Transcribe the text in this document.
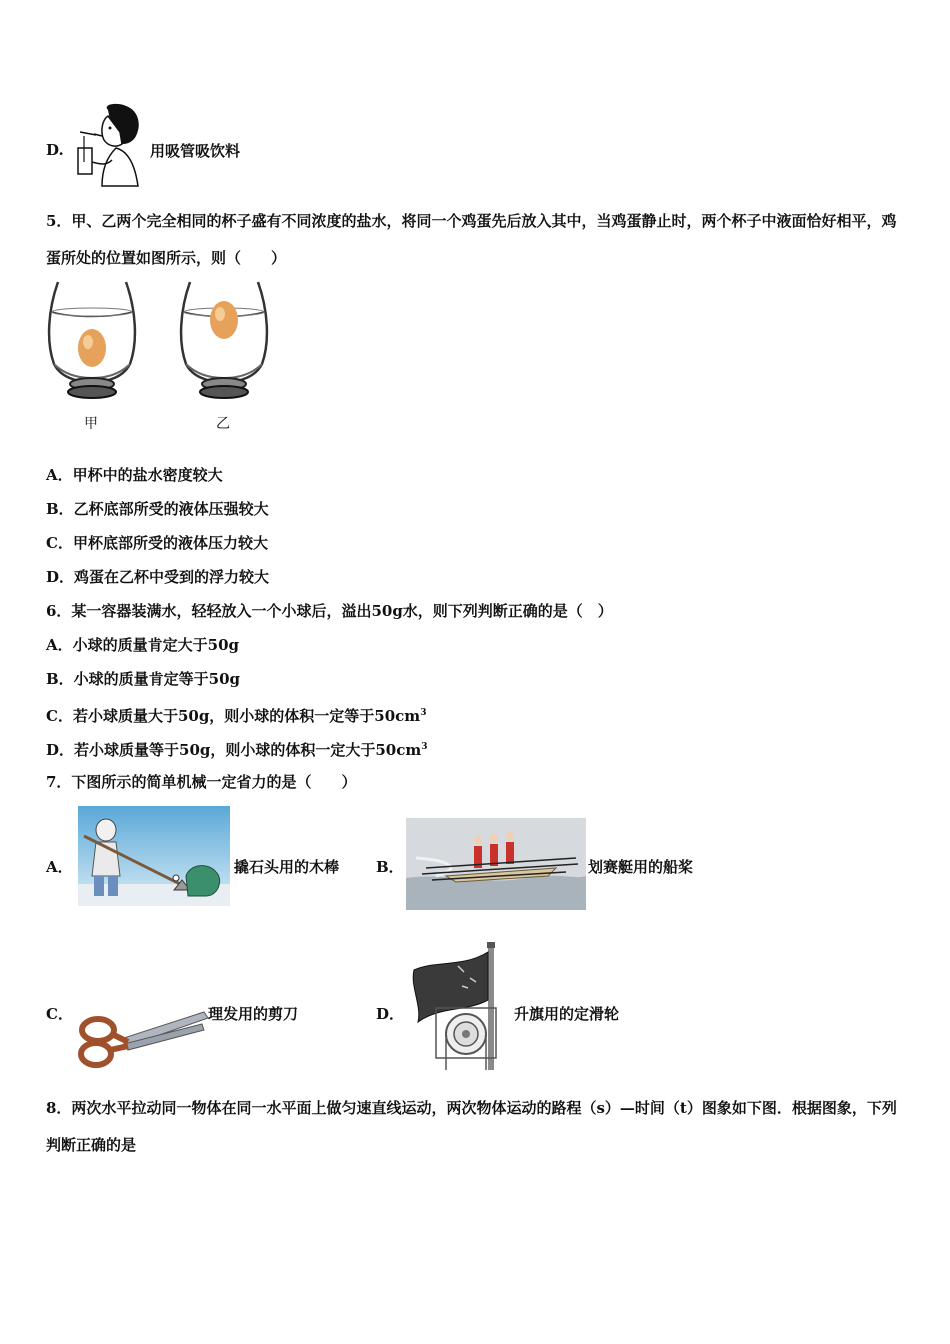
D.	用吸管吸饮料
5．甲、乙两个完全相同的杯子盛有不同浓度的盐水，将同一个鸡蛋先后放入其中，当鸡蛋静止时，两个杯子中液面恰好相平，鸡蛋所处的位置如图所示，则（　　）
甲	乙
A．甲杯中的盐水密度较大
B．乙杯底部所受的液体压强较大
C．甲杯底部所受的液体压力较大
D．鸡蛋在乙杯中受到的浮力较大
6．某一容器装满水，轻轻放入一个小球后，溢出50g水，则下列判断正确的是（　）
A．小球的质量肯定大于50g
B．小球的质量肯定等于50g
C．若小球质量大于50g，则小球的体积一定等于$50cm^3$
D．若小球质量等于50g，则小球的体积一定大于$50cm^3$
7．下图所示的简单机械一定省力的是（　　）
A．	撬石头用的木棒 B．	划赛艇用的船桨
C．	理发用的剪刀	D．	升旗用的定滑轮
8．两次水平拉动同一物体在同一水平面上做匀速直线运动，两次物体运动的路程（s）—时间（t）图象如下图．根据图象，下列判断正确的是
